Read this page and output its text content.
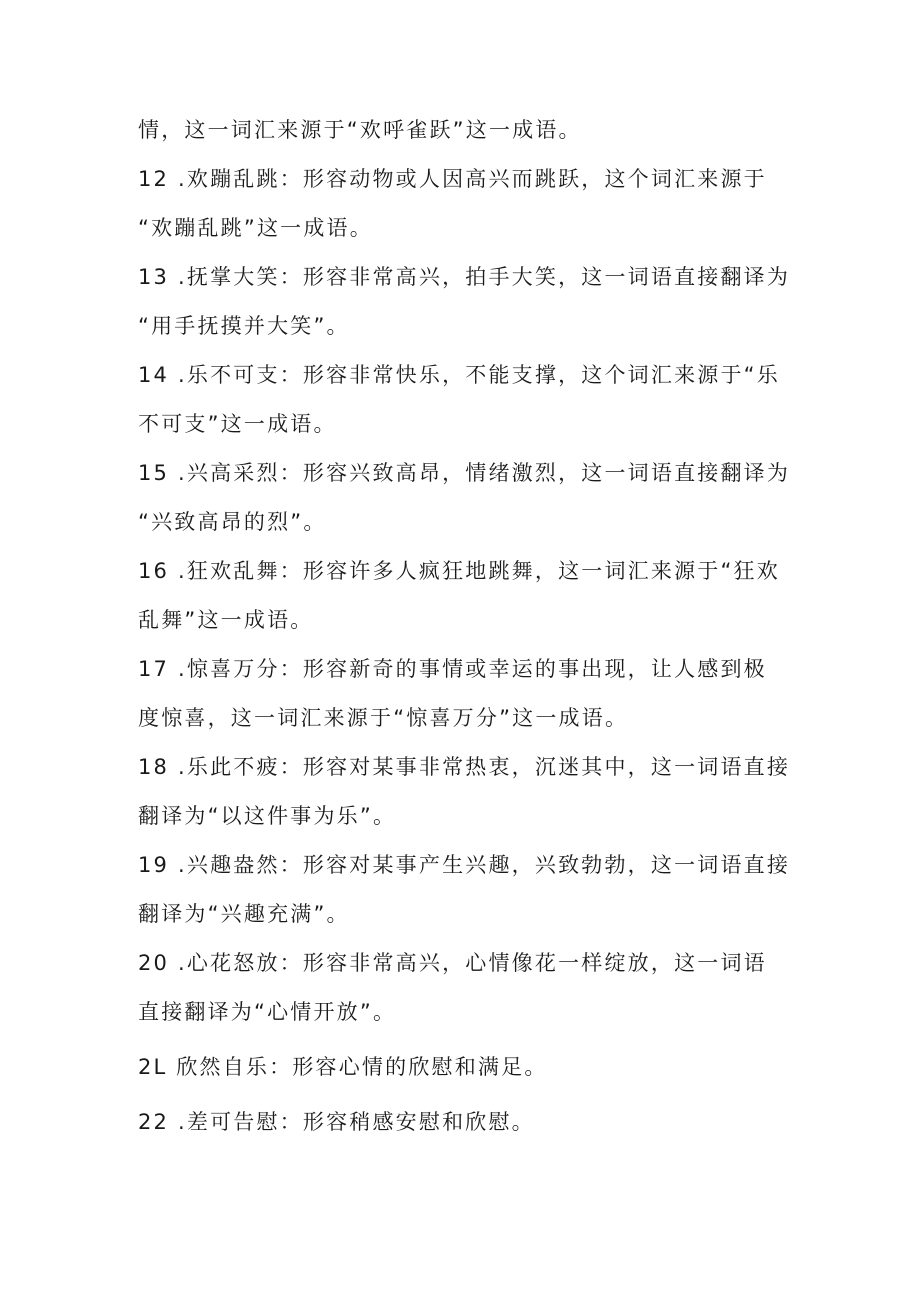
情，这一词汇来源于“欢呼雀跃”这一成语。
12 .欢蹦乱跳：形容动物或人因高兴而跳跃，这个词汇来源于
“欢蹦乱跳”这一成语。
13 .抚掌大笑：形容非常高兴，拍手大笑，这一词语直接翻译为
“用手抚摸并大笑”。
14 .乐不可支：形容非常快乐，不能支撑，这个词汇来源于“乐
不可支”这一成语。
15 .兴高采烈：形容兴致高昂，情绪激烈，这一词语直接翻译为
“兴致高昂的烈”。
16 .狂欢乱舞：形容许多人疯狂地跳舞，这一词汇来源于“狂欢
乱舞”这一成语。
17 .惊喜万分：形容新奇的事情或幸运的事出现，让人感到极
度惊喜，这一词汇来源于“惊喜万分”这一成语。
18 .乐此不疲：形容对某事非常热衷，沉迷其中，这一词语直接
翻译为“以这件事为乐”。
19 .兴趣盎然：形容对某事产生兴趣，兴致勃勃，这一词语直接
翻译为“兴趣充满”。
20 .心花怒放：形容非常高兴，心情像花一样绽放，这一词语
直接翻译为“心情开放”。
2L 欣然自乐：形容心情的欣慰和满足。
22 .差可告慰：形容稍感安慰和欣慰。
